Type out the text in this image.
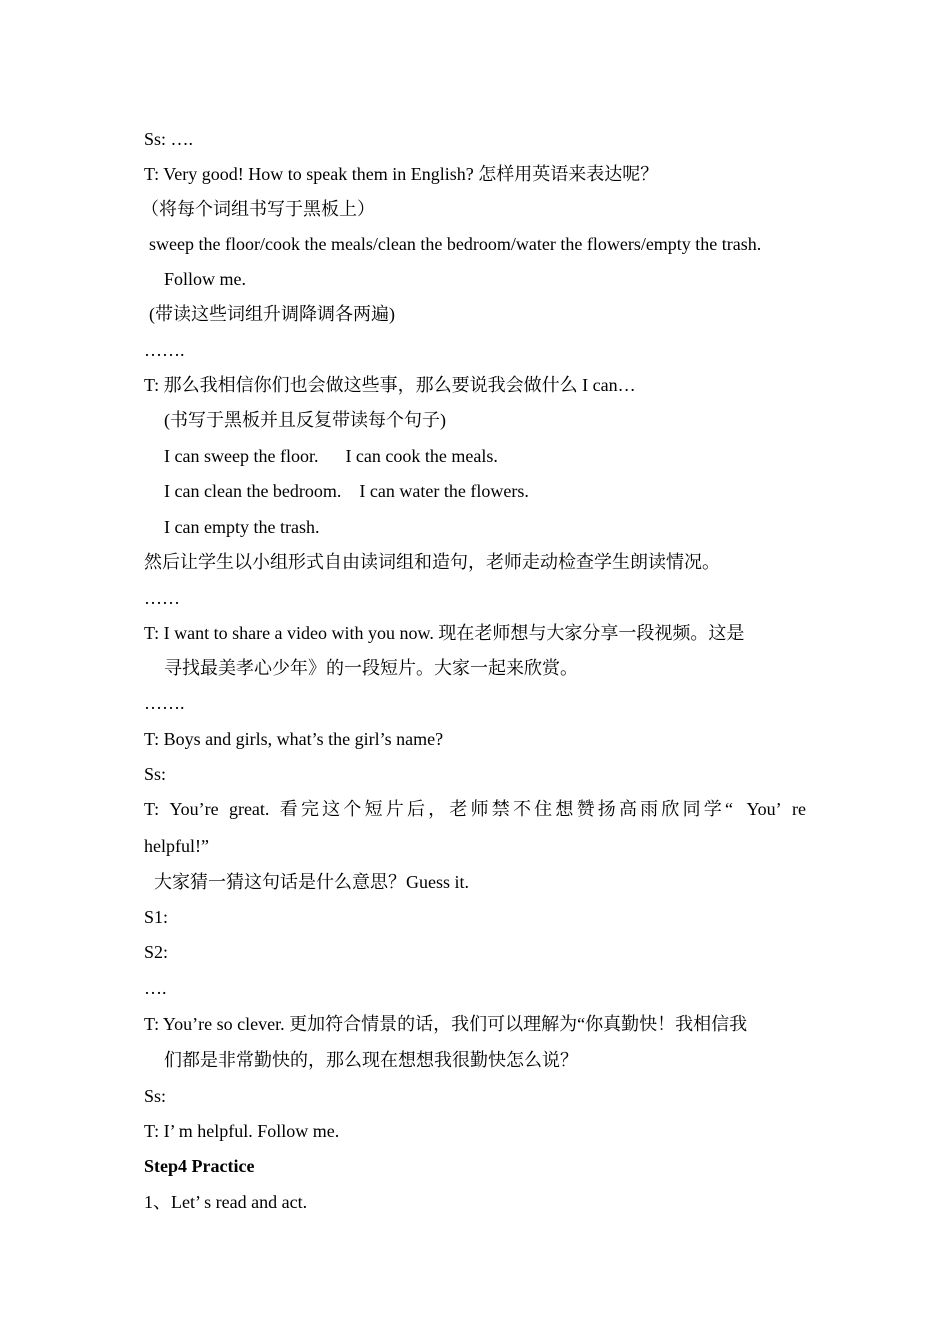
Ss: ….
T: Very good! How to speak them in English? 怎样用英语来表达呢？
（将每个词组书写于黑板上）
sweep the floor/cook the meals/clean the bedroom/water the flowers/empty the trash.
Follow me.
(带读这些词组升调降调各两遍)
…….
T: 那么我相信你们也会做这些事，那么要说我会做什么 I can…
(书写于黑板并且反复带读每个句子)
I can sweep the floor.      I can cook the meals.
I can clean the bedroom.    I can water the flowers.
I can empty the trash.
然后让学生以小组形式自由读词组和造句，老师走动检查学生朗读情况。
……
T: I want to share a video with you now. 现在老师想与大家分享一段视频。这是
寻找最美孝心少年》的一段短片。大家一起来欣赏。
…….
T: Boys and girls, what’s the girl’s name?
Ss:
T: You’re great. 看完这个短片后，老师禁不住想赞扬高雨欣同学“ You’ re
helpful!”
大家猜一猜这句话是什么意思？Guess it.
S1:
S2:
….
T: You’re so clever. 更加符合情景的话，我们可以理解为“你真勤快！我相信我
们都是非常勤快的，那么现在想想我很勤快怎么说？
Ss:
T: I’ m helpful. Follow me.
Step4 Practice
1、Let’ s read and act.
